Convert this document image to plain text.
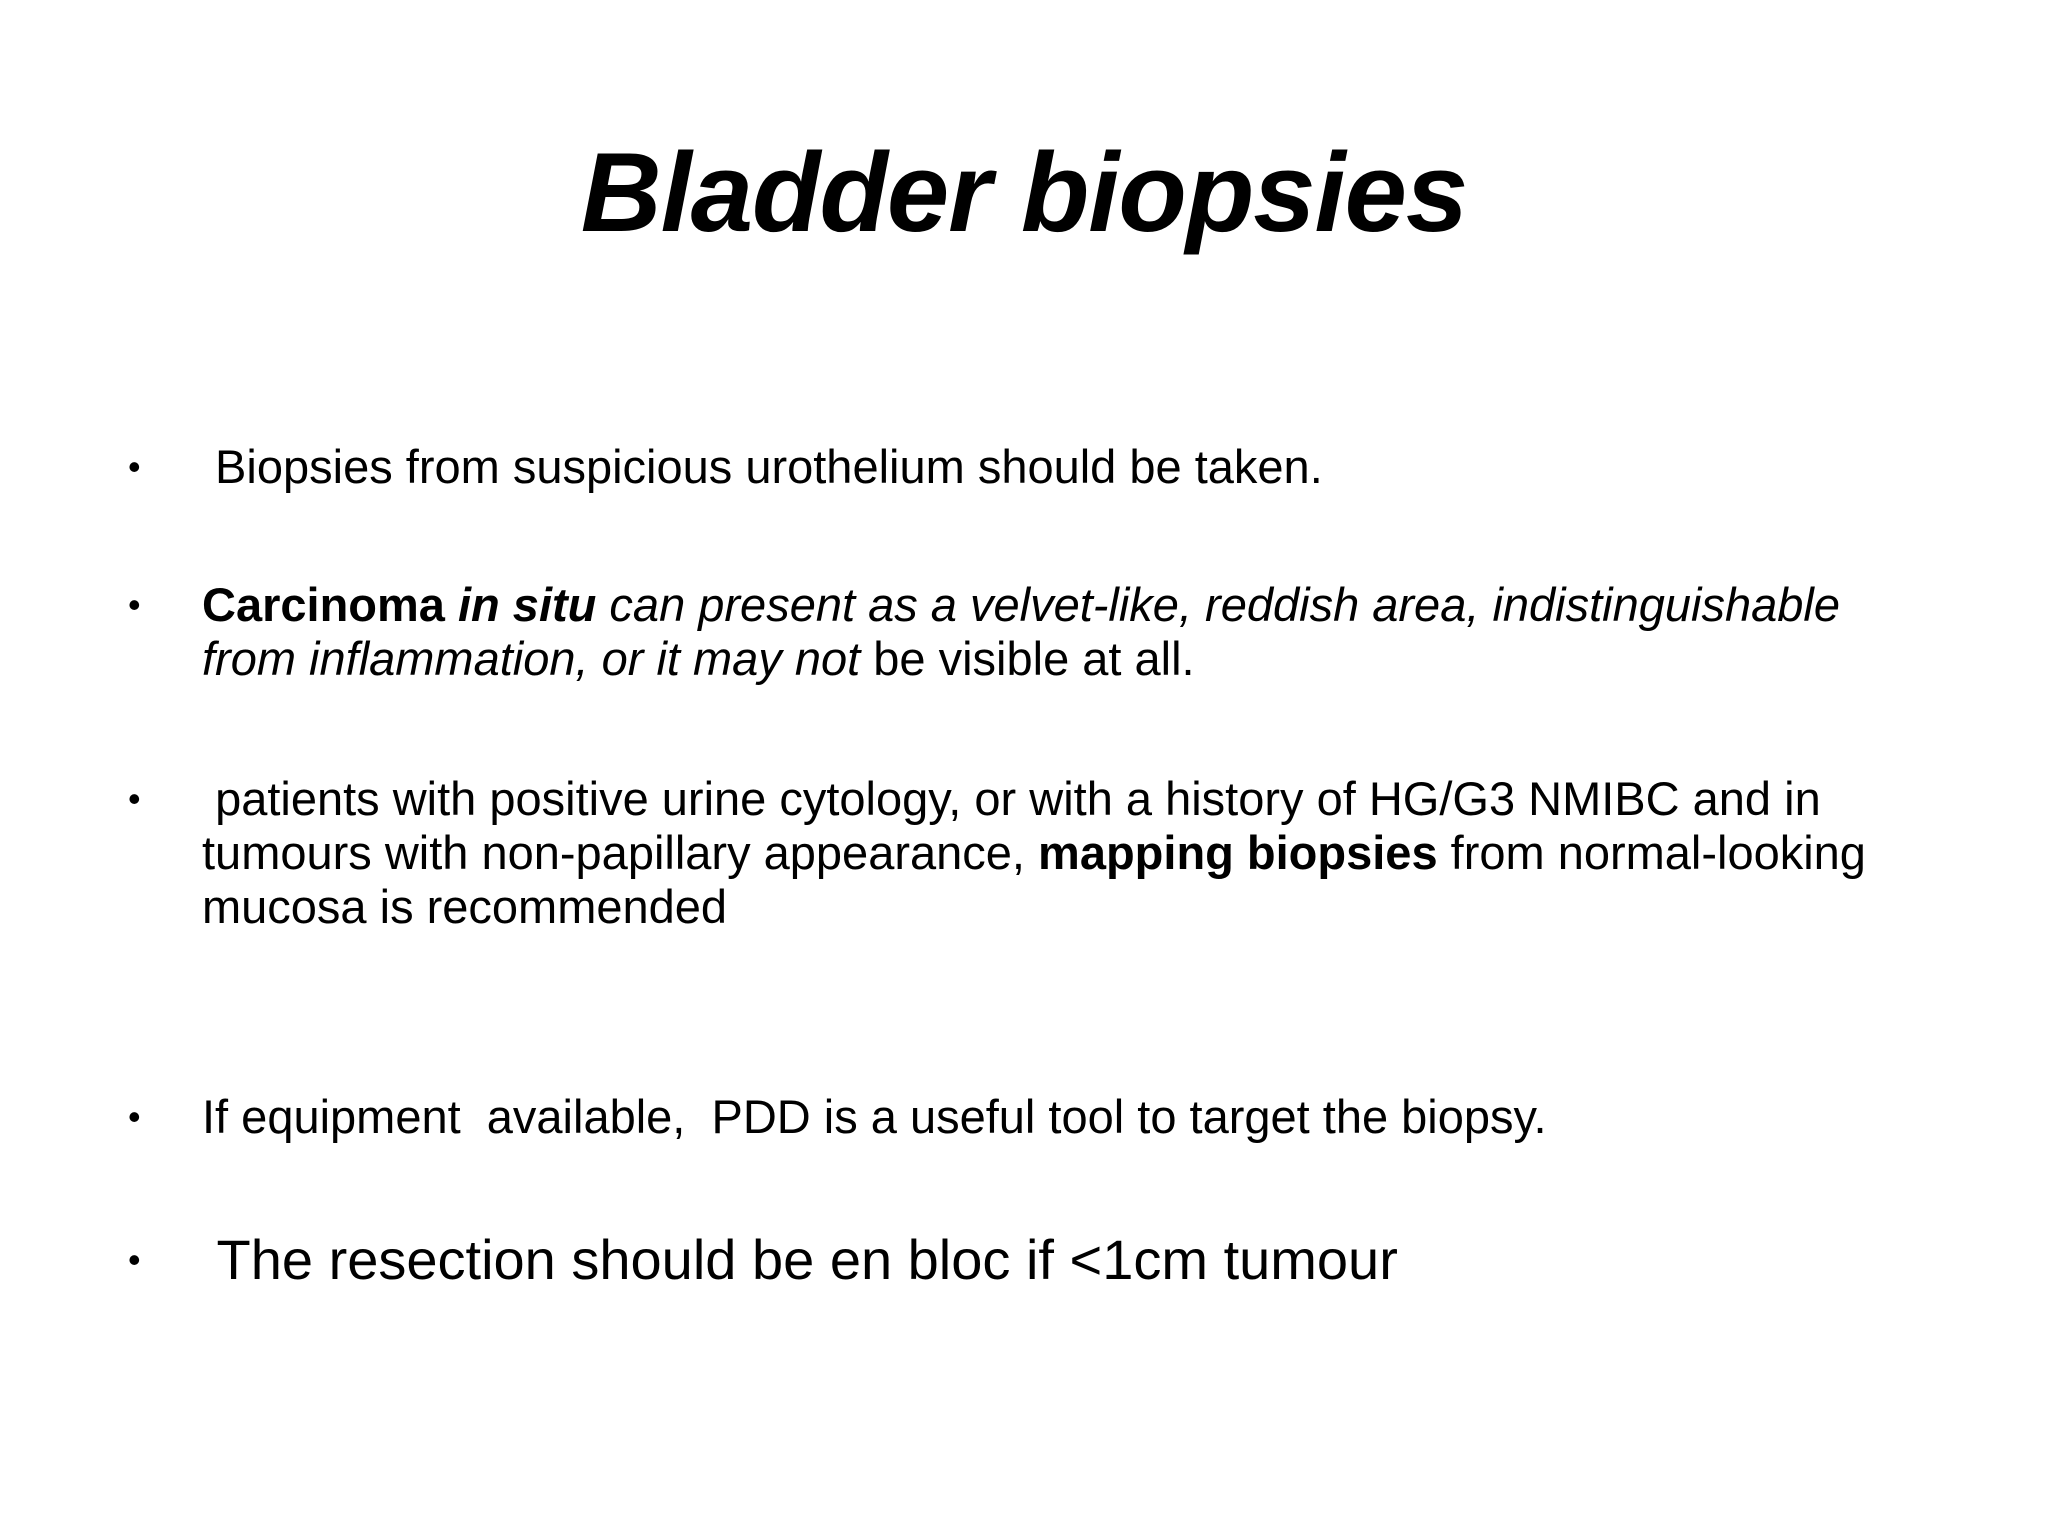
Bladder biopsies
•	Biopsies from suspicious urothelium should be taken.
•	Carcinoma in situ can present as a velvet-like, reddish area, indistinguishable from inflammation, or it may not be visible at all.
•	patients with positive urine cytology, or with a history of HG/G3 NMIBC and in tumours with non-papillary appearance, mapping biopsies from normal-looking mucosa is recommended
•	If equipment  available,  PDD is a useful tool to target the biopsy.
•	The resection should be en bloc if <1cm tumour
